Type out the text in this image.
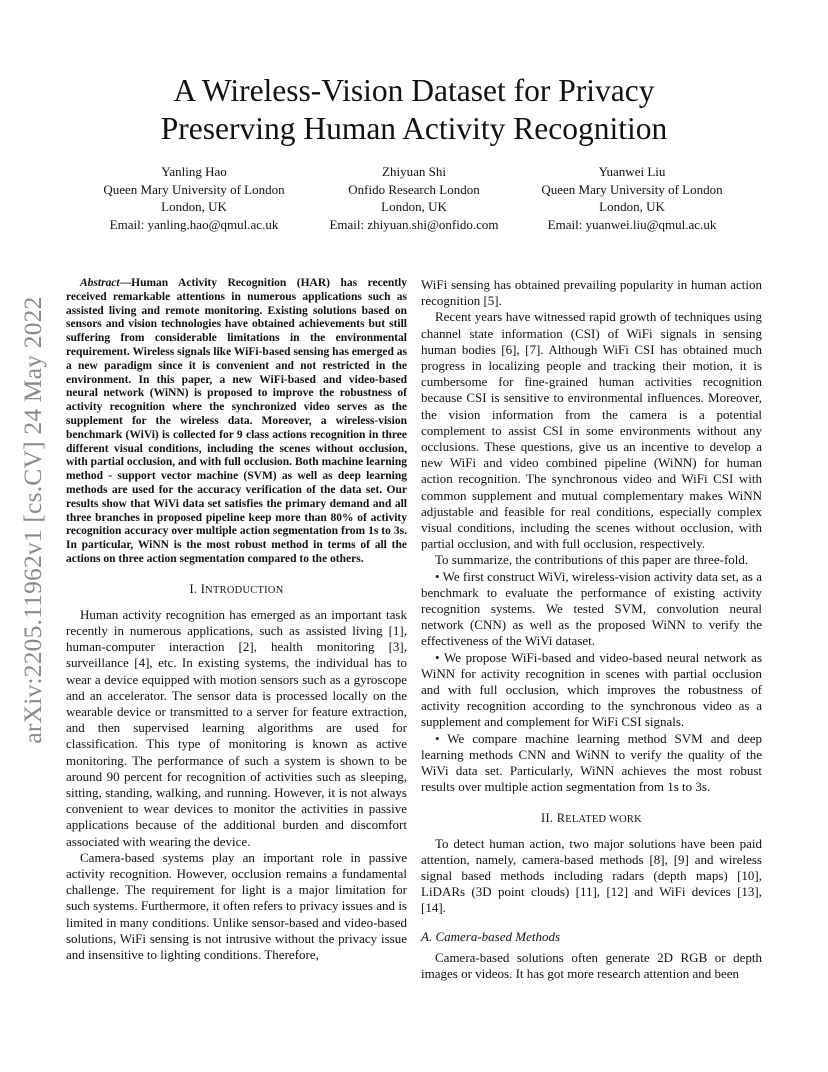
arXiv:2205.11962v1 [cs.CV] 24 May 2022
A Wireless-Vision Dataset for Privacy
Preserving Human Activity Recognition
Yanling Hao
Queen Mary University of London
London, UK
Email: yanling.hao@qmul.ac.uk
Zhiyuan Shi
Onfido Research London
London, UK
Email: zhiyuan.shi@onfido.com
Yuanwei Liu
Queen Mary University of London
London, UK
Email: yuanwei.liu@qmul.ac.uk

Abstract—Human Activity Recognition (HAR) has recently received remarkable attentions in numerous applications such as assisted living and remote monitoring. Existing solutions based on sensors and vision technologies have obtained achievements but still suffering from considerable limitations in the environmental requirement. Wireless signals like WiFi-based sensing has emerged as a new paradigm since it is convenient and not restricted in the environment. In this paper, a new WiFi-based and video-based neural network (WiNN) is proposed to improve the robustness of activity recognition where the synchronized video serves as the supplement for the wireless data. Moreover, a wireless-vision benchmark (WiVi) is collected for 9 class actions recognition in three different visual conditions, including the scenes without occlusion, with partial occlusion, and with full occlusion. Both machine learning method - support vector machine (SVM) as well as deep learning methods are used for the accuracy verification of the data set. Our results show that WiVi data set satisfies the primary demand and all three branches in proposed pipeline keep more than 80% of activity recognition accuracy over multiple action segmentation from 1s to 3s. In particular, WiNN is the most robust method in terms of all the actions on three action segmentation compared to the others.

I. INTRODUCTION

Human activity recognition has emerged as an important task recently in numerous applications, such as assisted living [1], human-computer interaction [2], health monitoring [3], surveillance [4], etc. In existing systems, the individual has to wear a device equipped with motion sensors such as a gyroscope and an accelerator. The sensor data is processed locally on the wearable device or transmitted to a server for feature extraction, and then supervised learning algorithms are used for classification. This type of monitoring is known as active monitoring. The performance of such a system is shown to be around 90 percent for recognition of activities such as sleeping, sitting, standing, walking, and running. However, it is not always convenient to wear devices to monitor the activities in passive applications because of the additional burden and discomfort associated with wearing the device.

Camera-based systems play an important role in passive activity recognition. However, occlusion remains a fundamental challenge. The requirement for light is a major limitation for such systems. Furthermore, it often refers to privacy issues and is limited in many conditions. Unlike sensor-based and video-based solutions, WiFi sensing is not intrusive without the privacy issue and insensitive to lighting conditions. Therefore,

WiFi sensing has obtained prevailing popularity in human action recognition [5].

Recent years have witnessed rapid growth of techniques using channel state information (CSI) of WiFi signals in sensing human bodies [6], [7]. Although WiFi CSI has obtained much progress in localizing people and tracking their motion, it is cumbersome for fine-grained human activities recognition because CSI is sensitive to environmental influences. Moreover, the vision information from the camera is a potential complement to assist CSI in some environments without any occlusions. These questions, give us an incentive to develop a new WiFi and video combined pipeline (WiNN) for human action recognition. The synchronous video and WiFi CSI with common supplement and mutual complementary makes WiNN adjustable and feasible for real conditions, especially complex visual conditions, including the scenes without occlusion, with partial occlusion, and with full occlusion, respectively.

To summarize, the contributions of this paper are three-fold.

• We first construct WiVi, wireless-vision activity data set, as a benchmark to evaluate the performance of existing activity recognition systems. We tested SVM, convolution neural network (CNN) as well as the proposed WiNN to verify the effectiveness of the WiVi dataset.

• We propose WiFi-based and video-based neural network as WiNN for activity recognition in scenes with partial occlusion and with full occlusion, which improves the robustness of activity recognition according to the synchronous video as a supplement and complement for WiFi CSI signals.

• We compare machine learning method SVM and deep learning methods CNN and WiNN to verify the quality of the WiVi data set. Particularly, WiNN achieves the most robust results over multiple action segmentation from 1s to 3s.

II. RELATED WORK

To detect human action, two major solutions have been paid attention, namely, camera-based methods [8], [9] and wireless signal based methods including radars (depth maps) [10], LiDARs (3D point clouds) [11], [12] and WiFi devices [13], [14].

A. Camera-based Methods

Camera-based solutions often generate 2D RGB or depth images or videos. It has got more research attention and been
